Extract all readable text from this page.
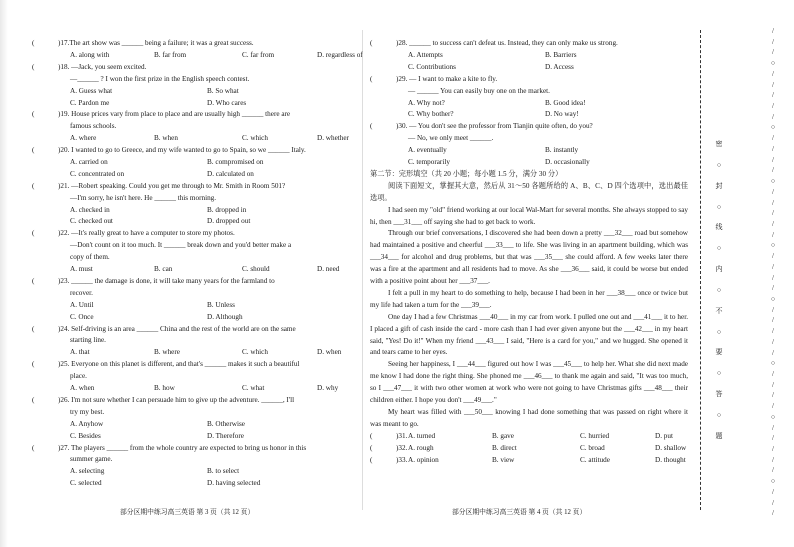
(	)17.The art show was ______ being a failure; it was a great success.
A. along with	B. far from	C. far from	D. regardless of
(	)18. —Jack, you seem excited.
—______ ? I won the first prize in the English speech contest.
A. Guess what	B. So what
C. Pardon me	D. Who cares
(	)19. House prices vary from place to place and are usually high ______ there are
famous schools.
A. where	B. when	C. which	D. whether
(	)20. I wanted to go to Greece, and my wife wanted to go to Spain, so we ______ Italy.
A. carried on	B. compromised on
C. concentrated on	D. calculated on
(	)21. —Robert speaking. Could you get me through to Mr. Smith in Room 501?
—I'm sorry, he isn't here. He ______ this morning.
A. checked in	B. dropped in
C. checked out	D. dropped out
(	)22. —It's really great to have a computer to store my photos.
—Don't count on it too much. It ______ break down and you'd better make a
copy of them.
A. must	B. can	C. should	D. need
(	)23. ______ the damage is done, it will take many years for the farmland to
recover.
A. Until	B. Unless
C. Once	D. Although
(	)24. Self-driving is an area ______ China and the rest of the world are on the same
starting line.
A. that	B. where	C. which	D. when
(	)25. Everyone on this planet is different, and that's ______ makes it such a beautiful
place.
A. when	B. how	C. what	D. why
(	)26. I'm not sure whether I can persuade him to give up the adventure. ______, I'll
try my best.
A. Anyhow	B. Otherwise
C. Besides	D. Therefore
(	)27. The players ______ from the whole country are expected to bring us honor in this
summer game.
A. selecting	B. to select
C. selected	D. having selected
(	)28. ______ to success can't defeat us. Instead, they can only make us strong.
A. Attempts	B. Barriers
C. Contributions	D. Access
(	)29. — I want to make a kite to fly.
— ______ You can easily buy one on the market.
A. Why not?	B. Good idea!
C. Why bother?	D. No way!
(	)30. — You don't see the professor from Tianjin quite often, do you?
— No, we only meet ______.
A. eventually	B. instantly
C. temporarily	D. occasionally
第二节：完形填空（共 20 小题；每小题 1.5 分，满分 30 分）
阅读下面短文，掌握其大意，然后从 31～50 各题所给的 A、B、C、D 四个选项中，选出最佳选项。

I had seen my "old" friend working at our local Wal-Mart for several months. She always stopped to say hi, then ___31___ off saying she had to get back to work.

Through our brief conversations, I discovered she had been down a pretty ___32___ road but somehow had maintained a positive and cheerful ___33___ to life. She was living in an apartment building, which was ___34___ for alcohol and drug problems, but that was ___35___ she could afford. A few weeks later there was a fire at the apartment and all residents had to move. As she ___36___ said, it could be worse but ended with a positive point about her ___37___.

I felt a pull in my heart to do something to help, because I had been in her ___38___ once or twice but my life had taken a turn for the ___39___.

One day I had a few Christmas ___40___ in my car from work. I pulled one out and ___41___ it to her. I placed a gift of cash inside the card - more cash than I had ever given anyone but the ___42___ in my heart said, "Yes! Do it!" When my friend ___43___ I said, "Here is a card for you," and we hugged. She opened it and tears came to her eyes.

Seeing her happiness, I ___44___ figured out how I was ___45___ to help her. What she did next made me know I had done the right thing. She phoned me ___46___ to thank me again and said, "It was too much, so I ___47___ it with two other women at work who were not going to have Christmas gifts ___48___ their children either. I hope you don't ___49___."

My heart was filled with ___50___ knowing I had done something that was passed on right where it was meant to go.

(	)31. A. turned	B. gave	C. hurried	D. put
(	)32. A. rough	B. direct	C. broad	D. shallow
(	)33. A. opinion	B. view	C. attitude	D. thought
部分区期中练习高三英语 第 3 页（共 12 页）	部分区期中练习高三英语 第 4 页（共 12 页）
密
○
封
○
线
○
内
○
不
○
要
○
答
○
题
/
/
/
○
/
/
/
/
/
○
/
/
/
/
○
/
/
/
/
/
○
/
/
/
/
○
/
/
/
/
/
○
/
/
/
/
○
/
/
/
/
/
○
/
/
/
